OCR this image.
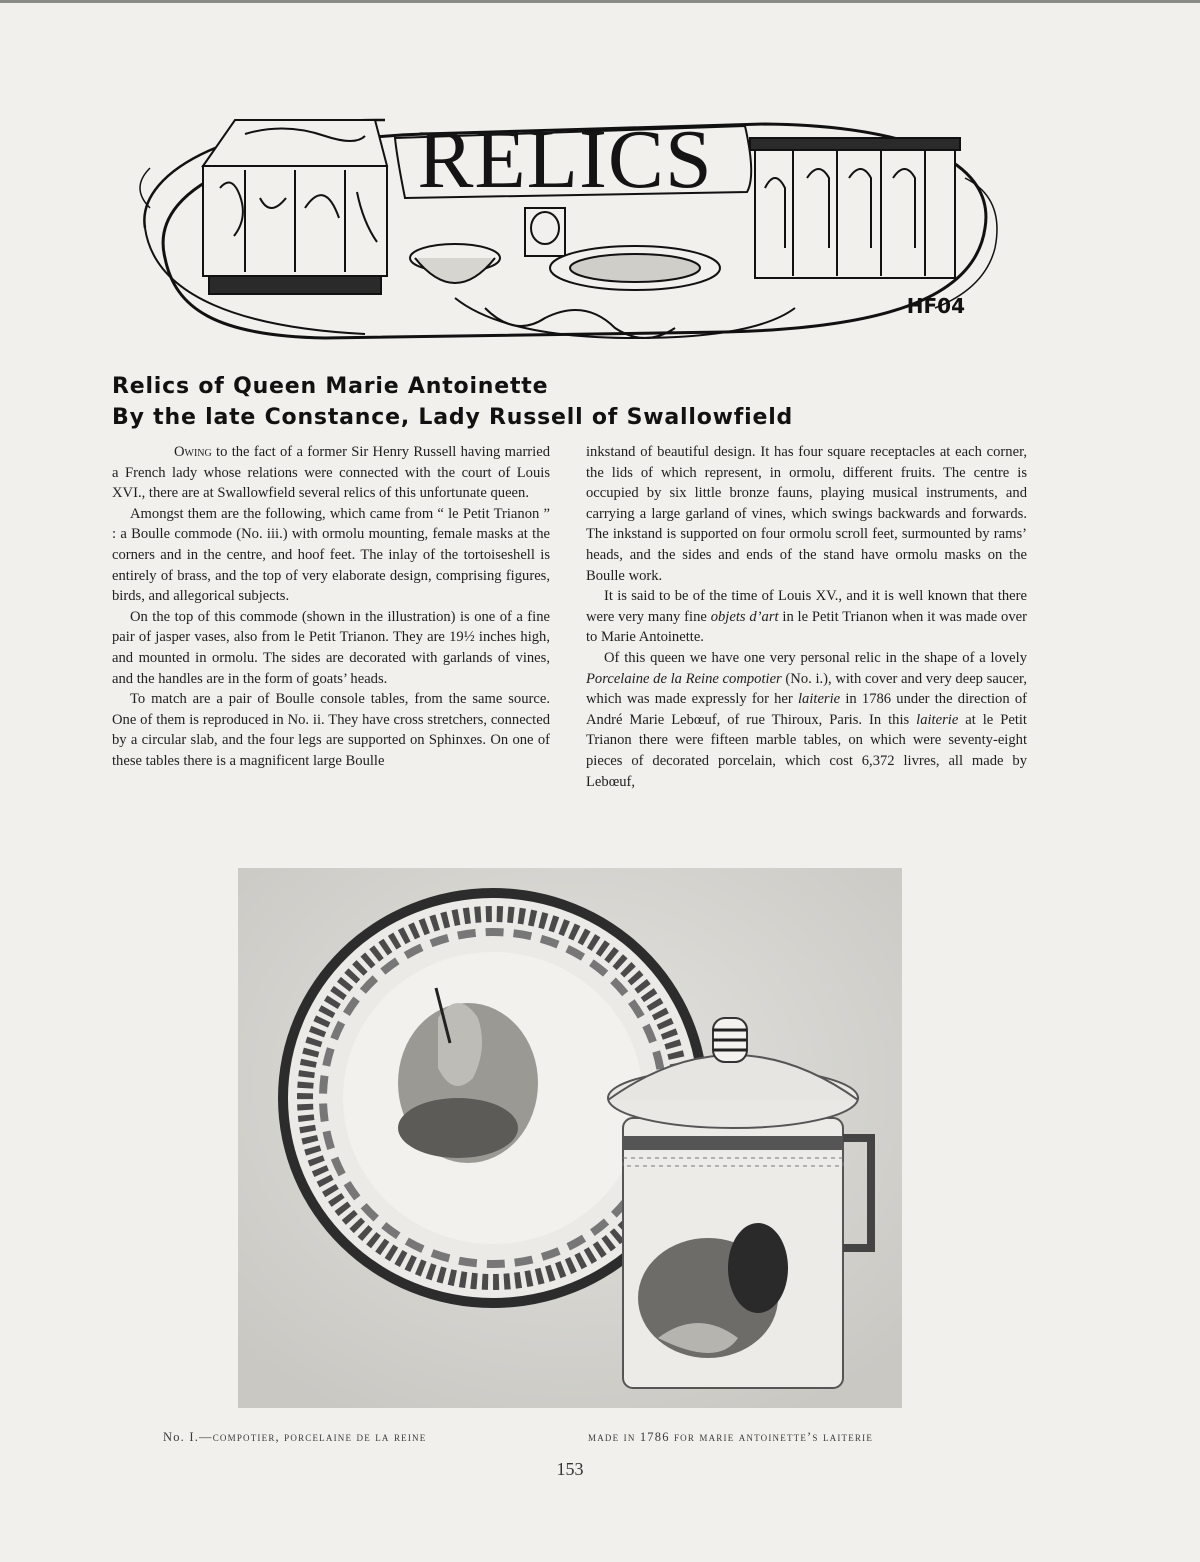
RELICS
HF04
Relics of Queen Marie Antoinette
By the late Constance, Lady Russell of Swallowfield

Owing to the fact of a former Sir Henry Russell having married a French lady whose relations were connected with the court of Louis XVI., there are at Swallowfield several relics of this unfortunate queen.

Amongst them are the following, which came from “ le Petit Trianon ” : a Boulle commode (No. iii.) with ormolu mounting, female masks at the corners and in the centre, and hoof feet. The inlay of the tortoiseshell is entirely of brass, and the top of very elaborate design, comprising figures, birds, and allegorical subjects.

On the top of this commode (shown in the illustration) is one of a fine pair of jasper vases, also from le Petit Trianon. They are 19½ inches high, and mounted in ormolu. The sides are decorated with garlands of vines, and the handles are in the form of goats’ heads.

To match are a pair of Boulle console tables, from the same source. One of them is reproduced in No. ii. They have cross stretchers, connected by a circular slab, and the four legs are supported on Sphinxes. On one of these tables there is a magnificent large Boulle

inkstand of beautiful design. It has four square receptacles at each corner, the lids of which represent, in ormolu, different fruits. The centre is occupied by six little bronze fauns, playing musical instruments, and carrying a large garland of vines, which swings backwards and forwards. The inkstand is supported on four ormolu scroll feet, surmounted by rams’ heads, and the sides and ends of the stand have ormolu masks on the Boulle work.

It is said to be of the time of Louis XV., and it is well known that there were very many fine objets d’art in le Petit Trianon when it was made over to Marie Antoinette.

Of this queen we have one very personal relic in the shape of a lovely Porcelaine de la Reine compotier (No. i.), with cover and very deep saucer, which was made expressly for her laiterie in 1786 under the direction of André Marie Lebœuf, of rue Thiroux, Paris. In this laiterie at le Petit Trianon there were fifteen marble tables, on which were seventy-eight pieces of decorated porcelain, which cost 6,372 livres, all made by Lebœuf,

No. I.—compotier, porcelaine de la reine	made in 1786 for marie antoinette’s laiterie
153
